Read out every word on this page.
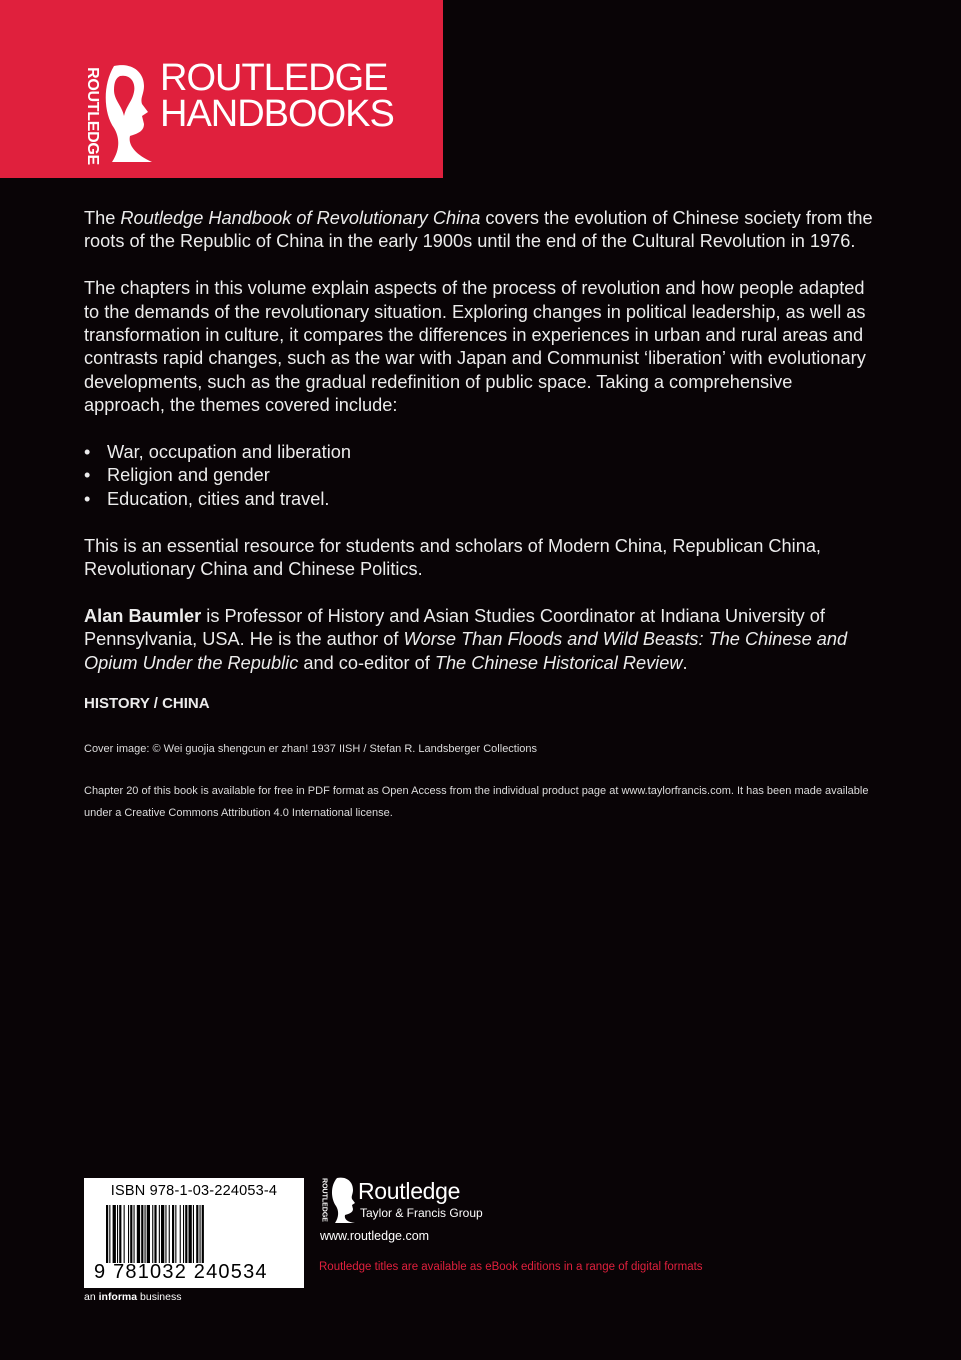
ROUTLEDGE ROUTLEDGE
HANDBOOKS

The Routledge Handbook of Revolutionary China covers the evolution of Chinese society from the roots of the Republic of China in the early 1900s until the end of the Cultural Revolution in 1976.

The chapters in this volume explain aspects of the process of revolution and how people adapted to the demands of the revolutionary situation. Exploring changes in political leadership, as well as transformation in culture, it compares the differences in experiences in urban and rural areas and contrasts rapid changes, such as the war with Japan and Communist ‘liberation’ with evolutionary developments, such as the gradual redefinition of public space. Taking a comprehensive approach, the themes covered include:

• War, occupation and liberation
• Religion and gender
• Education, cities and travel.

This is an essential resource for students and scholars of Modern China, Republican China, Revolutionary China and Chinese Politics.

Alan Baumler is Professor of History and Asian Studies Coordinator at Indiana University of Pennsylvania, USA. He is the author of Worse Than Floods and Wild Beasts: The Chinese and Opium Under the Republic and co-editor of The Chinese Historical Review.

HISTORY / CHINA
Cover image: © Wei guojia shengcun er zhan! 1937 IISH / Stefan R. Landsberger Collections
Chapter 20 of this book is available for free in PDF format as Open Access from the individual product page at www.taylorfrancis.com. It has been made available under a Creative Commons Attribution 4.0 International license.
ISBN 978-1-03-224053-4
9 781032 240534
an informa business
ROUTLEDGE Routledge
Taylor & Francis Group
www.routledge.com
Routledge titles are available as eBook editions in a range of digital formats
